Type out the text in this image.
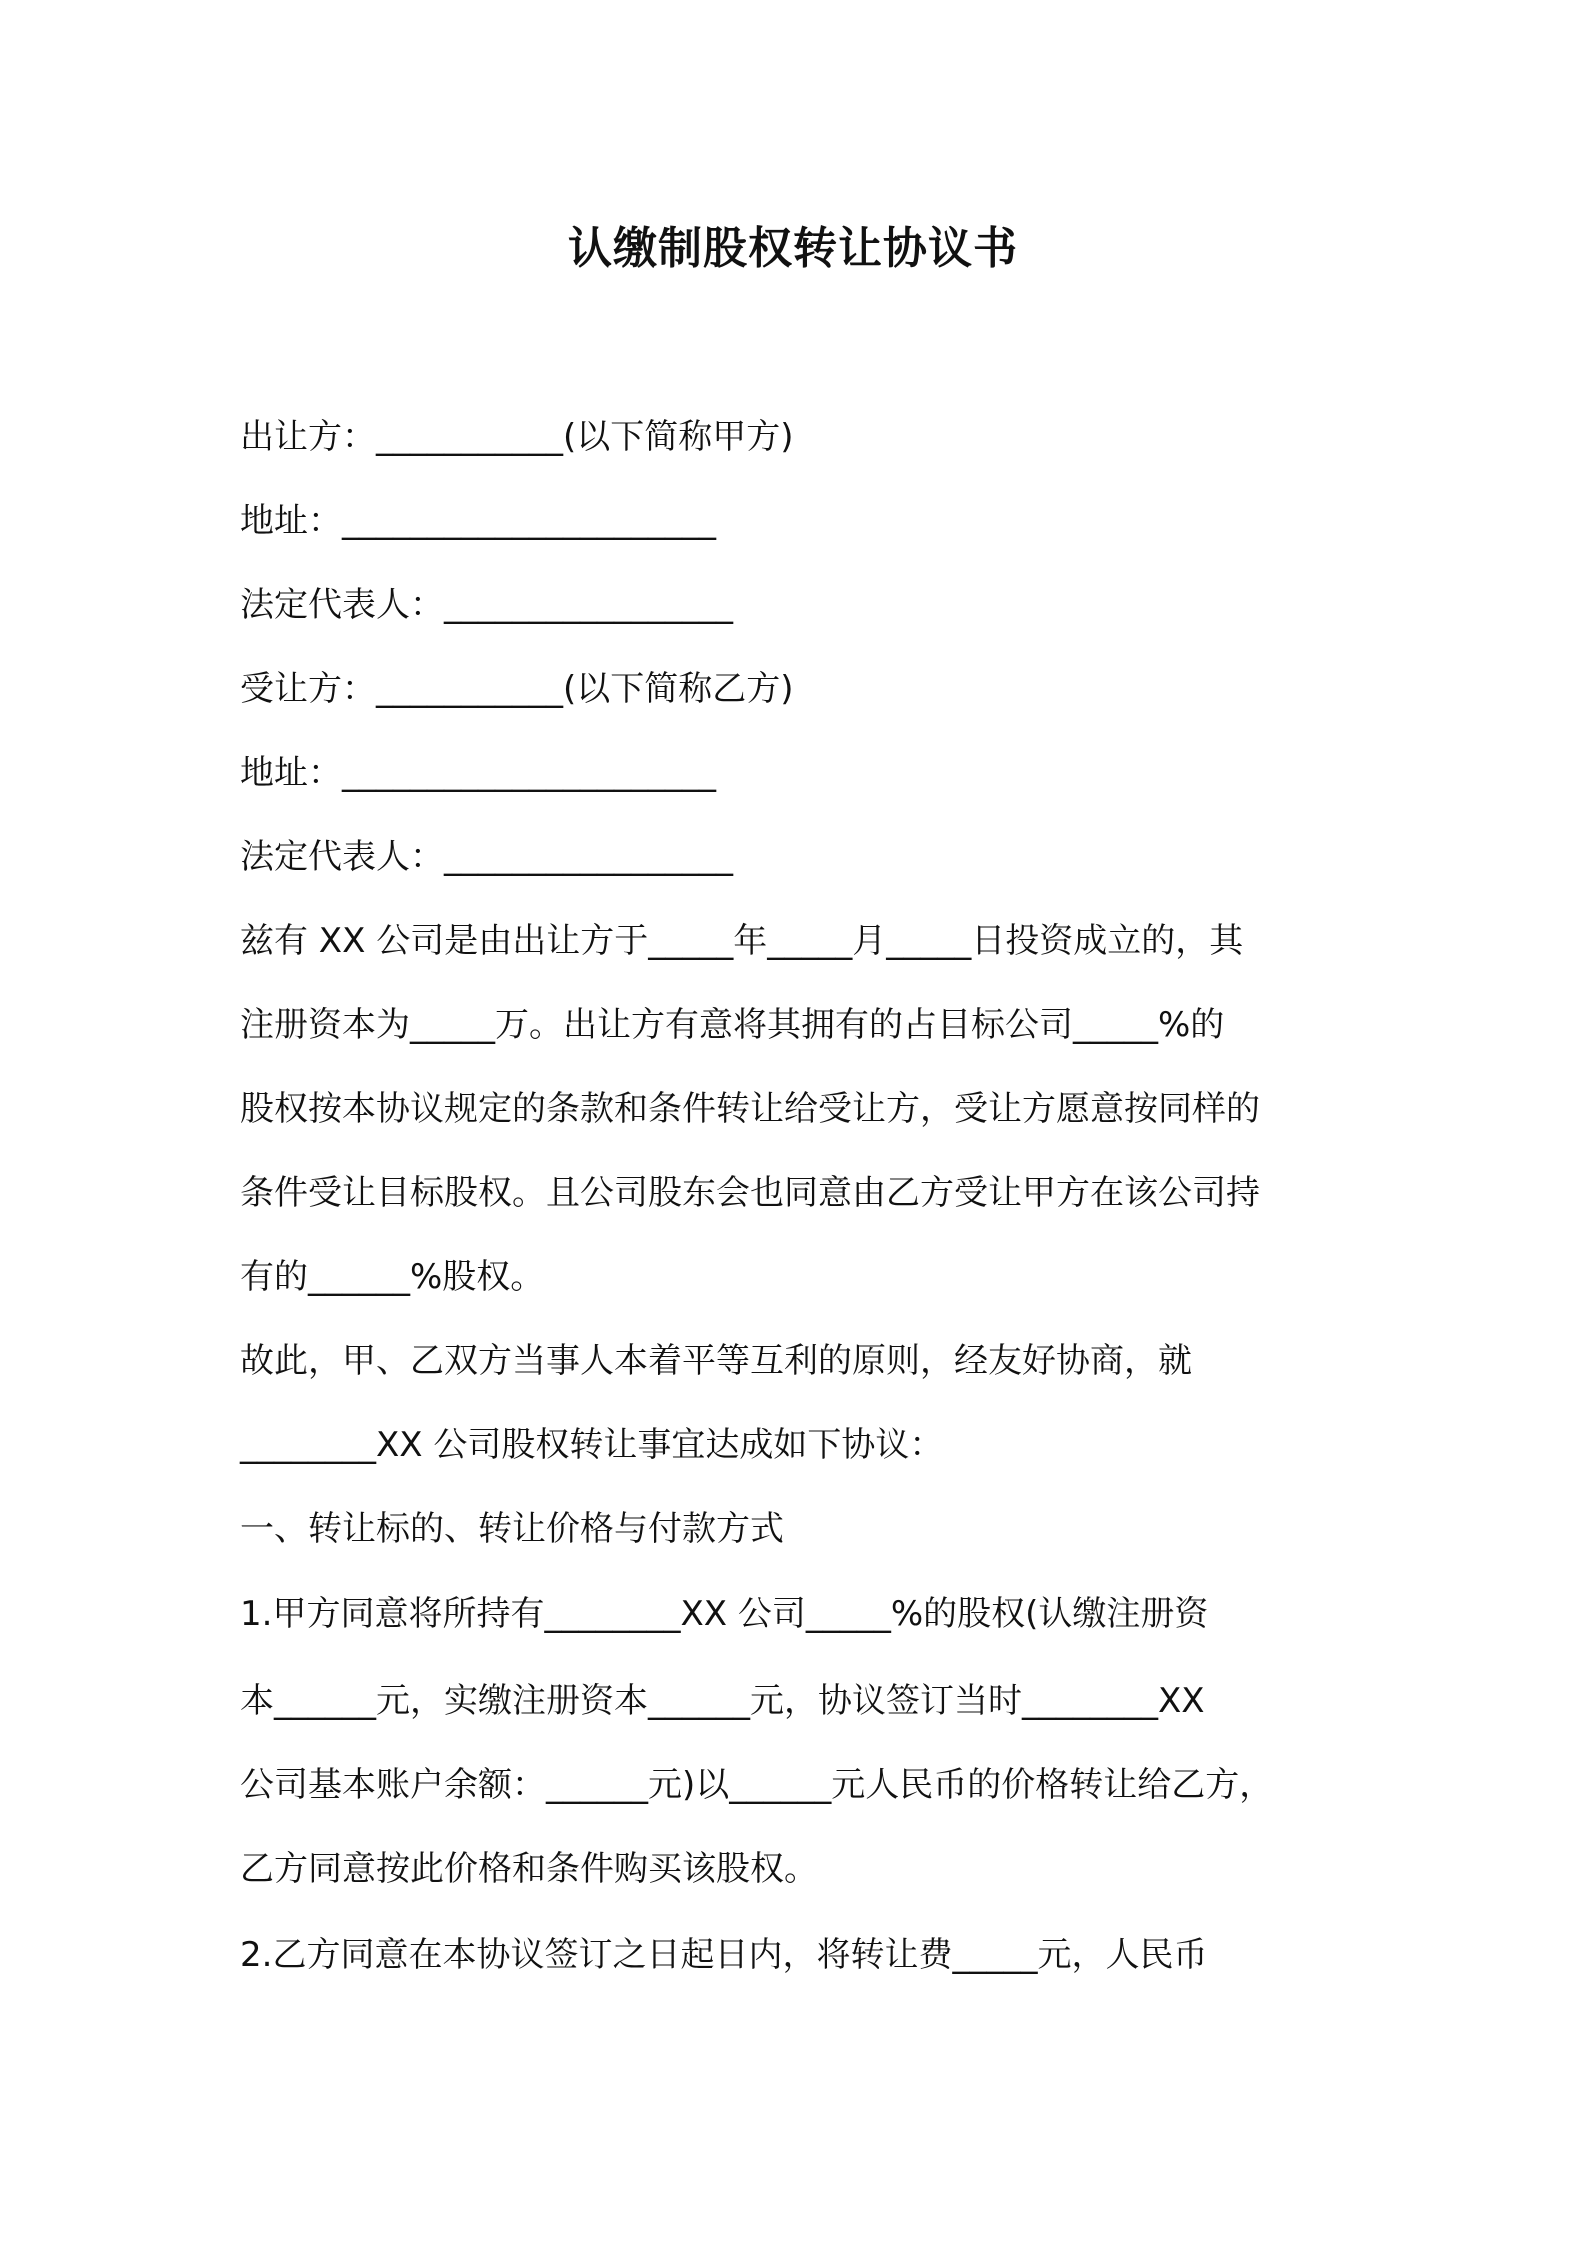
认缴制股权转让协议书

出让方：___________(以下简称甲方)

地址：______________________

法定代表人：_________________

受让方：___________(以下简称乙方)

地址：______________________

法定代表人：_________________

兹有 XX 公司是由出让方于_____年_____月_____日投资成立的，其

注册资本为_____万。出让方有意将其拥有的占目标公司_____%的

股权按本协议规定的条款和条件转让给受让方，受让方愿意按同样的

条件受让目标股权。且公司股东会也同意由乙方受让甲方在该公司持

有的______%股权。

故此，甲、乙双方当事人本着平等互利的原则，经友好协商，就

________XX 公司股权转让事宜达成如下协议：

一、转让标的、转让价格与付款方式

1.甲方同意将所持有________XX 公司_____%的股权(认缴注册资

本______元，实缴注册资本______元，协议签订当时________XX

公司基本账户余额：______元)以______元人民币的价格转让给乙方，

乙方同意按此价格和条件购买该股权。

2.乙方同意在本协议签订之日起日内，将转让费_____元，人民币
